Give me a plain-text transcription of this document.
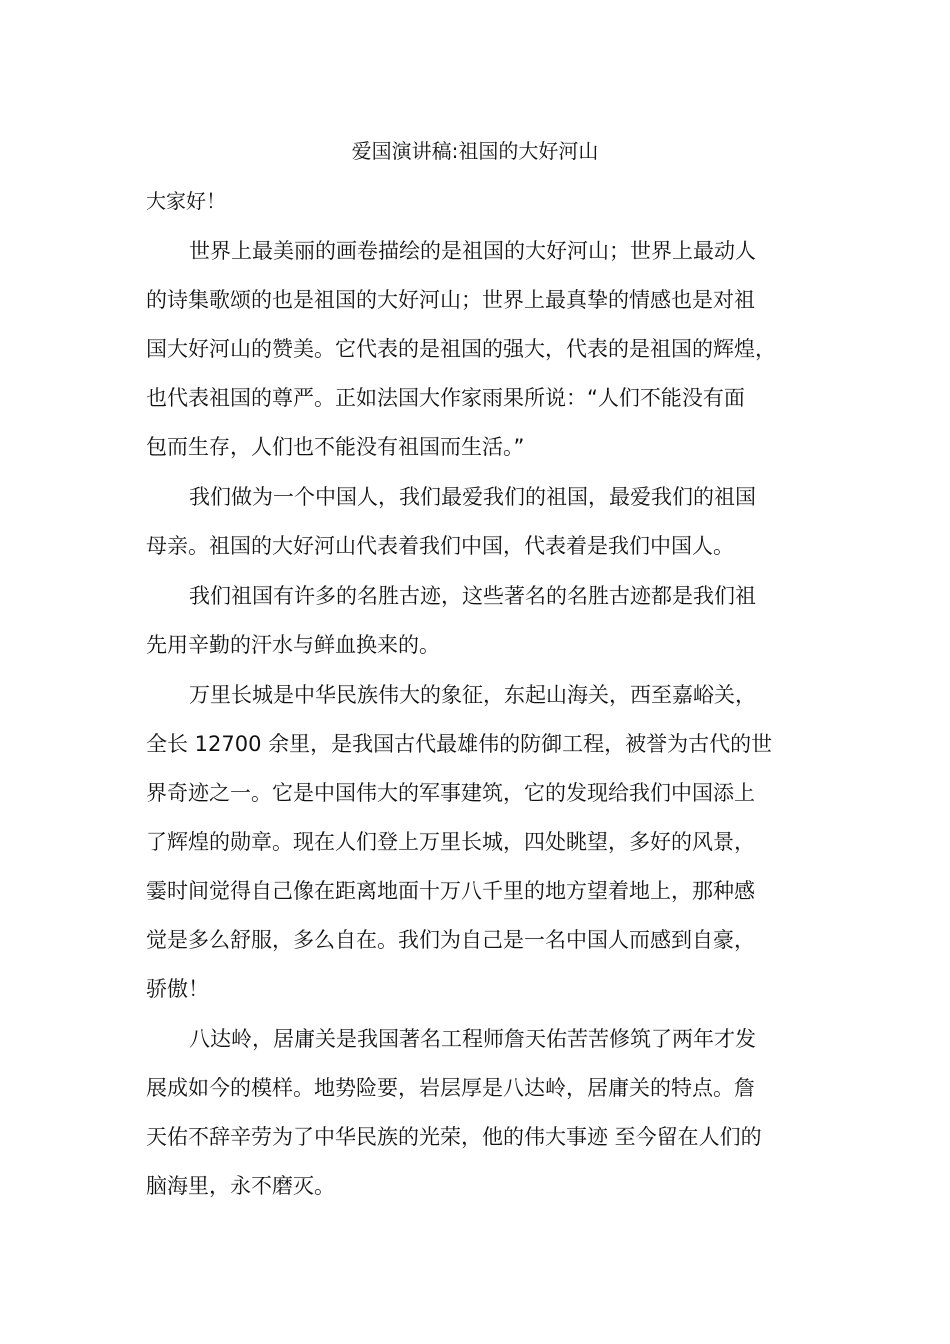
爱国演讲稿:祖国的大好河山

大家好！

世界上最美丽的画卷描绘的是祖国的大好河山；世界上最动人

的诗集歌颂的也是祖国的大好河山；世界上最真挚的情感也是对祖

国大好河山的赞美。它代表的是祖国的强大，代表的是祖国的辉煌，

也代表祖国的尊严。正如法国大作家雨果所说：“人们不能没有面

包而生存，人们也不能没有祖国而生活。”

我们做为一个中国人，我们最爱我们的祖国，最爱我们的祖国

母亲。祖国的大好河山代表着我们中国，代表着是我们中国人。

我们祖国有许多的名胜古迹，这些著名的名胜古迹都是我们祖

先用辛勤的汗水与鲜血换来的。

万里长城是中华民族伟大的象征，东起山海关，西至嘉峪关，

全长 12700 余里，是我国古代最雄伟的防御工程，被誉为古代的世

界奇迹之一。它是中国伟大的军事建筑，它的发现给我们中国添上

了辉煌的勋章。现在人们登上万里长城，四处眺望，多好的风景，

霎时间觉得自己像在距离地面十万八千里的地方望着地上，那种感

觉是多么舒服，多么自在。我们为自己是一名中国人而感到自豪，

骄傲！

八达岭，居庸关是我国著名工程师詹天佑苦苦修筑了两年才发

展成如今的模样。地势险要，岩层厚是八达岭，居庸关的特点。詹

天佑不辞辛劳为了中华民族的光荣，他的伟大事迹 至今留在人们的

脑海里，永不磨灭。
